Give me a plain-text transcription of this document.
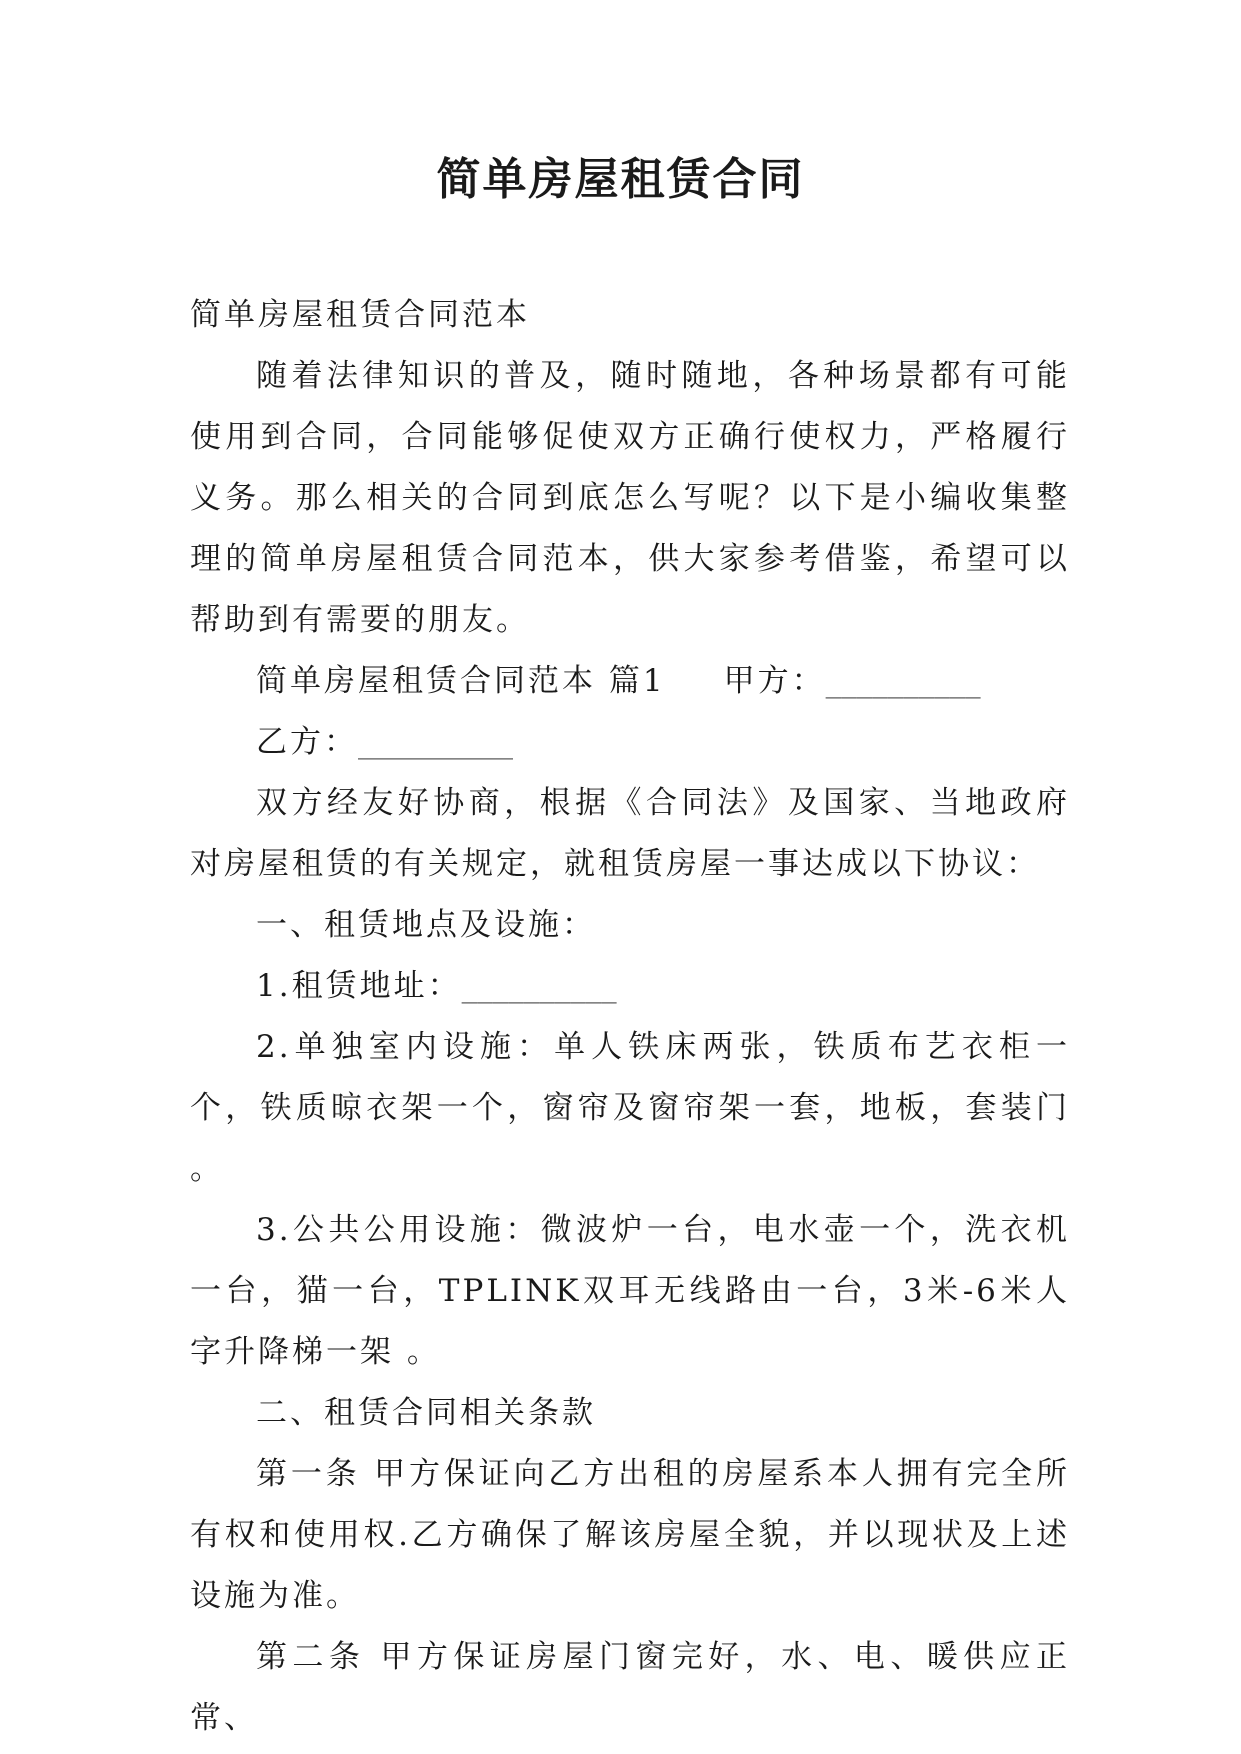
简单房屋租赁合同

简单房屋租赁合同范本

随着法律知识的普及，随时随地，各种场景都有可能使用到合同，合同能够促使双方正确行使权力，严格履行义务。那么相关的合同到底怎么写呢？以下是小编收集整理的简单房屋租赁合同范本，供大家参考借鉴，希望可以帮助到有需要的朋友。

简单房屋租赁合同范本 篇1 甲方：__________

乙方：__________

双方经友好协商，根据《合同法》及国家、当地政府对房屋租赁的有关规定，就租赁房屋一事达成以下协议：

一、租赁地点及设施：

1.租赁地址：__________

2.单独室内设施：单人铁床两张，铁质布艺衣柜一个，铁质晾衣架一个，窗帘及窗帘架一套，地板，套装门 。

3.公共公用设施：微波炉一台，电水壶一个，洗衣机一台，猫一台，TPLINK双耳无线路由一台，3米-6米人字升降梯一架 。

二、租赁合同相关条款

第一条 甲方保证向乙方出租的房屋系本人拥有完全所有权和使用权.乙方确保了解该房屋全貌，并以现状及上述设施为准。

第二条 甲方保证房屋门窗完好，水、电、暖供应正常、
